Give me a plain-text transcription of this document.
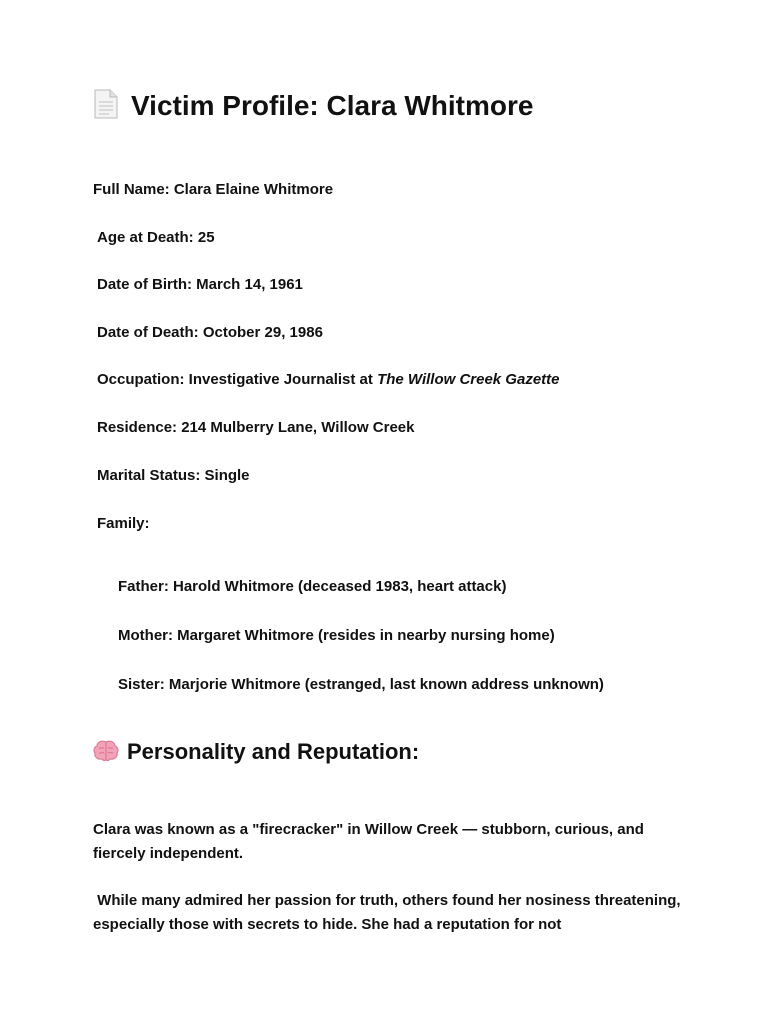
Victim Profile: Clara Whitmore

Full Name: Clara Elaine Whitmore

Age at Death: 25

Date of Birth: March 14, 1961

Date of Death: October 29, 1986

Occupation: Investigative Journalist at The Willow Creek Gazette

Residence: 214 Mulberry Lane, Willow Creek

Marital Status: Single

Family:

Father: Harold Whitmore (deceased 1983, heart attack)

Mother: Margaret Whitmore (resides in nearby nursing home)

Sister: Marjorie Whitmore (estranged, last known address unknown)

Personality and Reputation:

Clara was known as a "firecracker" in Willow Creek — stubborn, curious, and fiercely independent.

While many admired her passion for truth, others found her nosiness threatening, especially those with secrets to hide. She had a reputation for not
